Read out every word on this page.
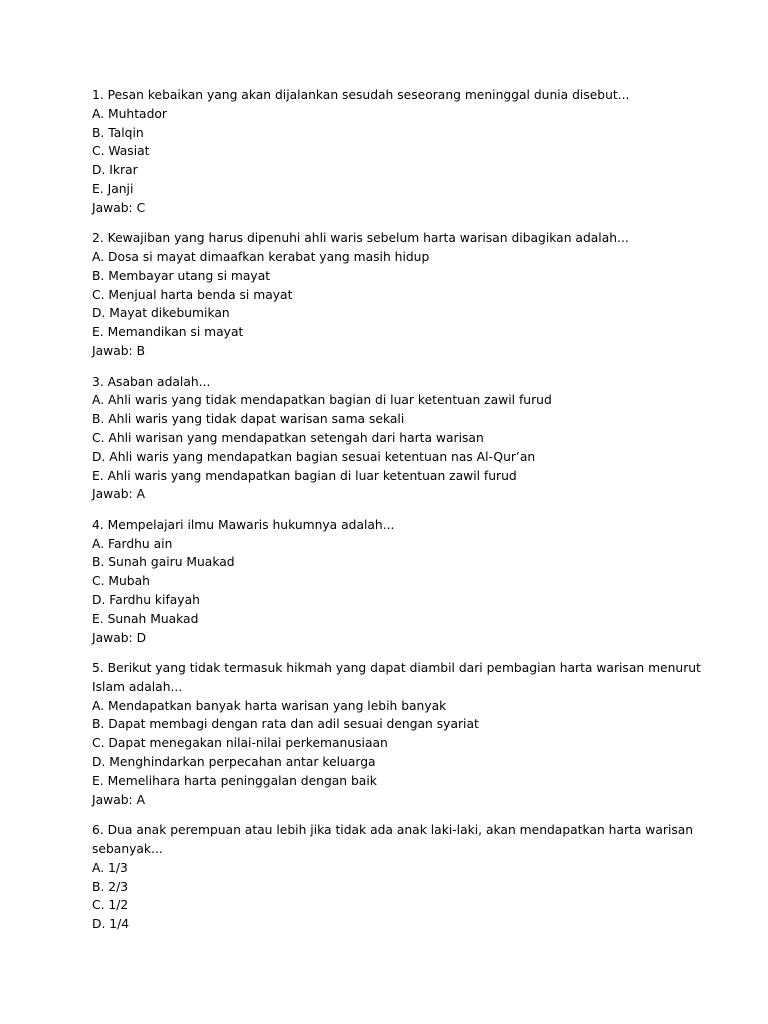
1. Pesan kebaikan yang akan dijalankan sesudah seseorang meninggal dunia disebut...
A. Muhtador
B. Talqin
C. Wasiat
D. Ikrar
E. Janji
Jawab: C
2. Kewajiban yang harus dipenuhi ahli waris sebelum harta warisan dibagikan adalah...
A. Dosa si mayat dimaafkan kerabat yang masih hidup
B. Membayar utang si mayat
C. Menjual harta benda si mayat
D. Mayat dikebumikan
E. Memandikan si mayat
Jawab: B
3. Asaban adalah...
A. Ahli waris yang tidak mendapatkan bagian di luar ketentuan zawil furud
B. Ahli waris yang tidak dapat warisan sama sekali
C. Ahli warisan yang mendapatkan setengah dari harta warisan
D. Ahli waris yang mendapatkan bagian sesuai ketentuan nas Al-Qur’an
E. Ahli waris yang mendapatkan bagian di luar ketentuan zawil furud
Jawab: A
4. Mempelajari ilmu Mawaris hukumnya adalah...
A. Fardhu ain
B. Sunah gairu Muakad
C. Mubah
D. Fardhu kifayah
E. Sunah Muakad
Jawab: D
5. Berikut yang tidak termasuk hikmah yang dapat diambil dari pembagian harta warisan menurut
Islam adalah...
A. Mendapatkan banyak harta warisan yang lebih banyak
B. Dapat membagi dengan rata dan adil sesuai dengan syariat
C. Dapat menegakan nilai-nilai perkemanusiaan
D. Menghindarkan perpecahan antar keluarga
E. Memelihara harta peninggalan dengan baik
Jawab: A
6. Dua anak perempuan atau lebih jika tidak ada anak laki-laki, akan mendapatkan harta warisan
sebanyak...
A. 1/3
B. 2/3
C. 1/2
D. 1/4
